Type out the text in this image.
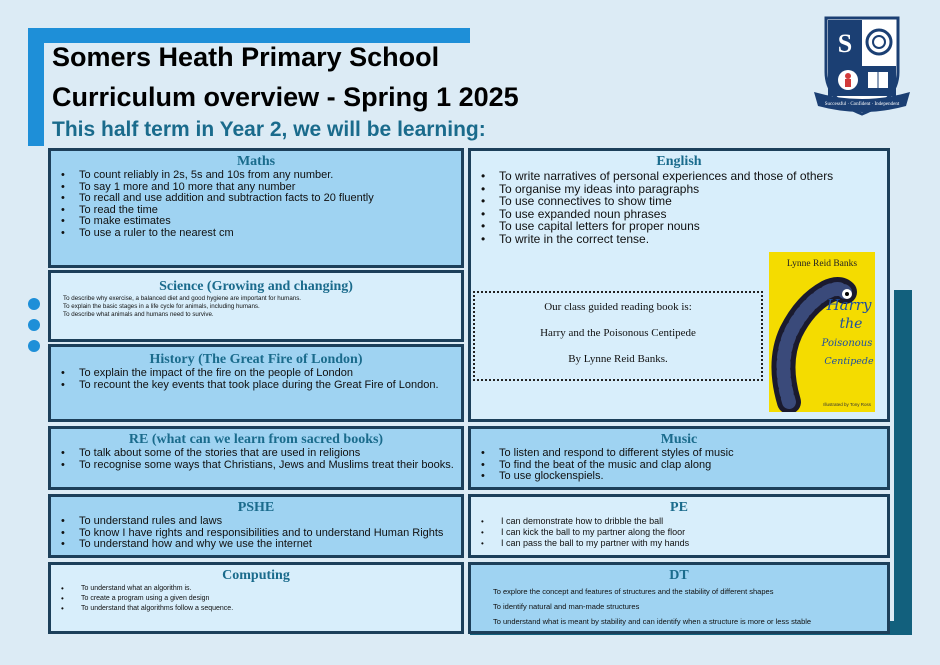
Somers Heath Primary School
Curriculum overview - Spring 1 2025
This half term in Year 2, we will be learning:
S
Successful · Confident · Independent
Maths
• To count reliably in 2s, 5s and 10s from any number.
• To say 1 more and 10 more that any number
• To recall and use addition and subtraction facts to 20 fluently
• To read the time
• To make estimates
• To use a ruler to the nearest cm
Science (Growing and changing)
To describe why exercise, a balanced diet and good hygiene are important for humans.
To explain the basic stages in a life cycle for animals, including humans.
To describe what animals and humans need to survive.
History (The Great Fire of London)
• To explain the impact of the fire on the people of London
• To recount the key events that took place during the Great Fire of London.
English
• To write narratives of personal experiences and those of others
• To organise my ideas into paragraphs
• To use connectives to show time
• To use expanded noun phrases
• To use capital letters for proper nouns
• To write in the correct tense.
Our class guided reading book is:
Harry and the Poisonous Centipede
By Lynne Reid Banks.
Lynne Reid Banks
Harry
the
Poisonous
Centipede
Illustrated by Tony Ross
RE (what can we learn from sacred books)
• To talk about some of the stories that are used in religions
• To recognise some ways that Christians, Jews and Muslims treat their books.
Music
• To listen and respond to different styles of music
• To find the beat of the music and clap along
• To use glockenspiels.
PSHE
• To understand rules and laws
• To know I have rights and responsibilities and to understand Human Rights
• To understand how and why we use the internet
PE
• I can demonstrate how to dribble the ball
• I can kick the ball to my partner along the floor
• I can pass the ball to my partner with my hands
Computing
• To understand what an algorithm is.
• To create a program using a given design
• To understand that algorithms follow a sequence.
DT
To explore the concept and features of structures and the stability of different shapes
To identify natural and man-made structures
To understand what is meant by stability and can identify when a structure is more or less stable
